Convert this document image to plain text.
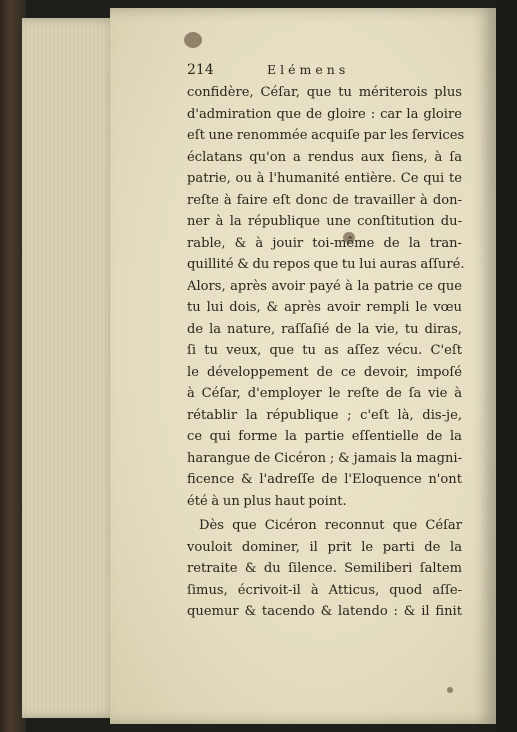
214	Elémens
confidère, Céſar, que tu mériterois plus
d'admiration que de gloire : car la gloire
eſt une renommée acquiſe par les ſervices
éclatans qu'on a rendus aux ſiens, à ſa
patrie, ou à l'humanité entière. Ce qui te
reſte à faire eſt donc de travailler à don-
ner à la république une conſtitution du-
rable, & à jouir toi-même de la tran-
quillité & du repos que tu lui auras aſſuré.
Alors, après avoir payé à la patrie ce que
tu lui dois, & après avoir rempli le vœu
de la nature, raſſaſié de la vie, tu diras,
ſi tu veux, que tu as aſſez vécu. C'eſt
le développement de ce devoir, impoſé
à Céſar, d'employer le reſte de ſa vie à
rétablir la république ; c'eſt là, dis-je,
ce qui forme la partie eſſentielle de la
harangue de Cicéron ; & jamais la magni-
ficence & l'adreſſe de l'Eloquence n'ont
été à un plus haut point.
Dès que Cicéron reconnut que Céſar
vouloit dominer, il prit le parti de la
retraite & du ſilence. Semiliberi ſaltem
ſimus, écrivoit-il à Atticus, quod aſſe-
quemur & tacendo & latendo : & il finit
